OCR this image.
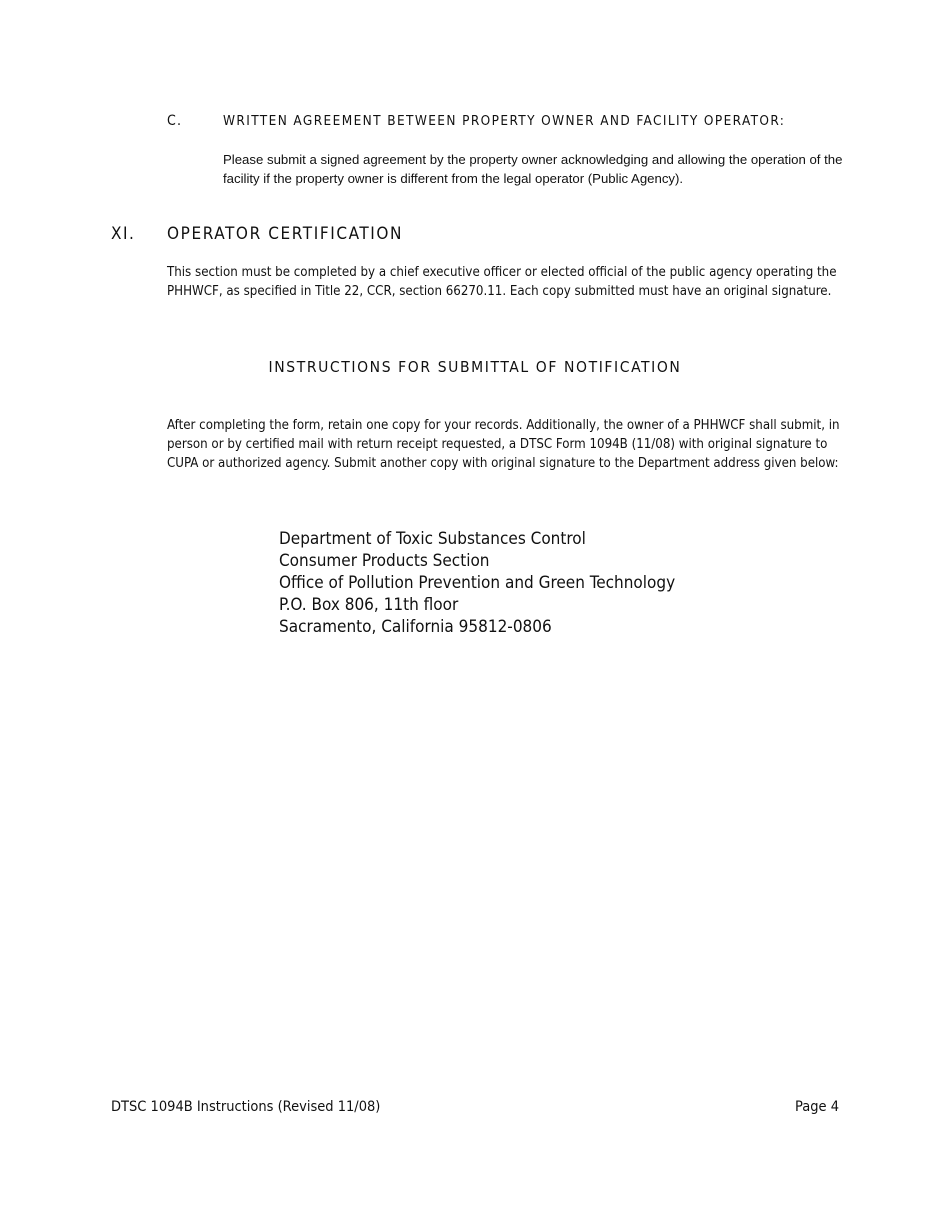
C.	WRITTEN AGREEMENT BETWEEN PROPERTY OWNER AND FACILITY OPERATOR:
Please submit a signed agreement by the property owner acknowledging and allowing the operation of the facility if the property owner is different from the legal operator (Public Agency).
XI. OPERATOR CERTIFICATION
This section must be completed by a chief executive officer or elected official of the public agency operating the PHHWCF, as specified in Title 22, CCR, section 66270.11. Each copy submitted must have an original signature.
INSTRUCTIONS FOR SUBMITTAL OF NOTIFICATION
After completing the form, retain one copy for your records. Additionally, the owner of a PHHWCF shall submit, in person or by certified mail with return receipt requested, a DTSC Form 1094B (11/08) with original signature to CUPA or authorized agency. Submit another copy with original signature to the Department address given below:
Department of Toxic Substances Control
Consumer Products Section
Office of Pollution Prevention and Green Technology
P.O. Box 806, 11th floor
Sacramento, California 95812-0806
DTSC 1094B Instructions (Revised 11/08)	Page 4
